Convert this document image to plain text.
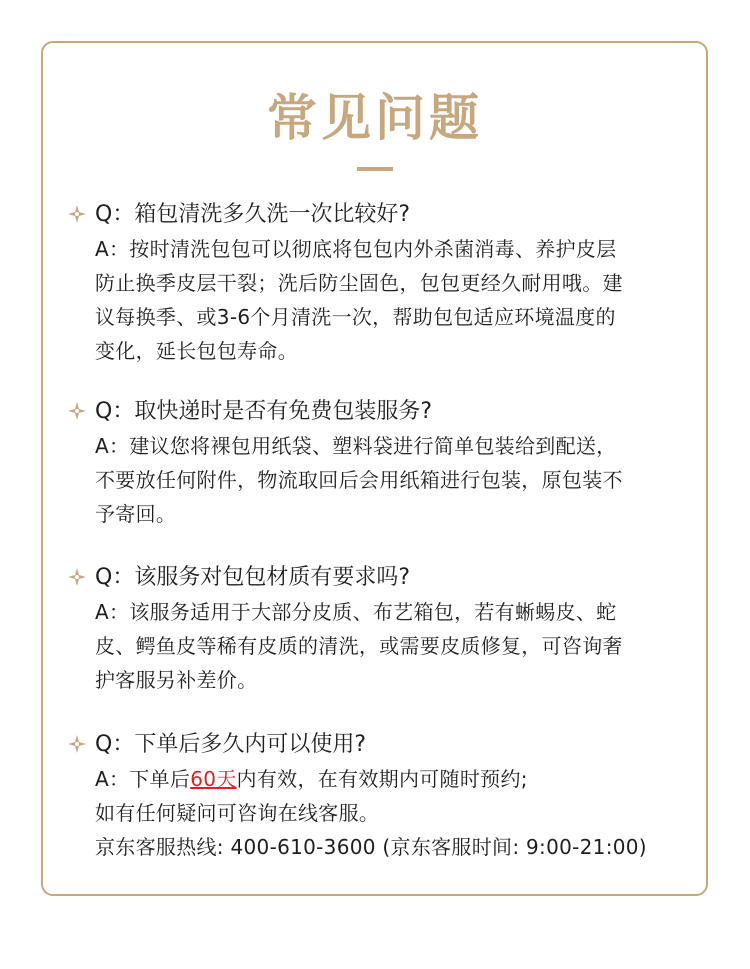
常见问题
Q：箱包清洗多久洗一次比较好?
A：按时清洗包包可以彻底将包包内外杀菌消毒、养护皮层
防止换季皮层干裂；洗后防尘固色，包包更经久耐用哦。建
议每换季、或3-6个月清洗一次，帮助包包适应环境温度的
变化，延长包包寿命。
Q：取快递时是否有免费包装服务?
A：建议您将裸包用纸袋、塑料袋进行简单包装给到配送，
不要放任何附件，物流取回后会用纸箱进行包装，原包装不
予寄回。
Q：该服务对包包材质有要求吗?
A：该服务适用于大部分皮质、布艺箱包，若有蜥蜴皮、蛇
皮、鳄鱼皮等稀有皮质的清洗，或需要皮质修复，可咨询奢
护客服另补差价。
Q：下单后多久内可以使用?
A：下单后60天内有效，在有效期内可随时预约;
如有任何疑问可咨询在线客服。
京东客服热线: 400-610-3600 (京东客服时间: 9:00-21:00)
